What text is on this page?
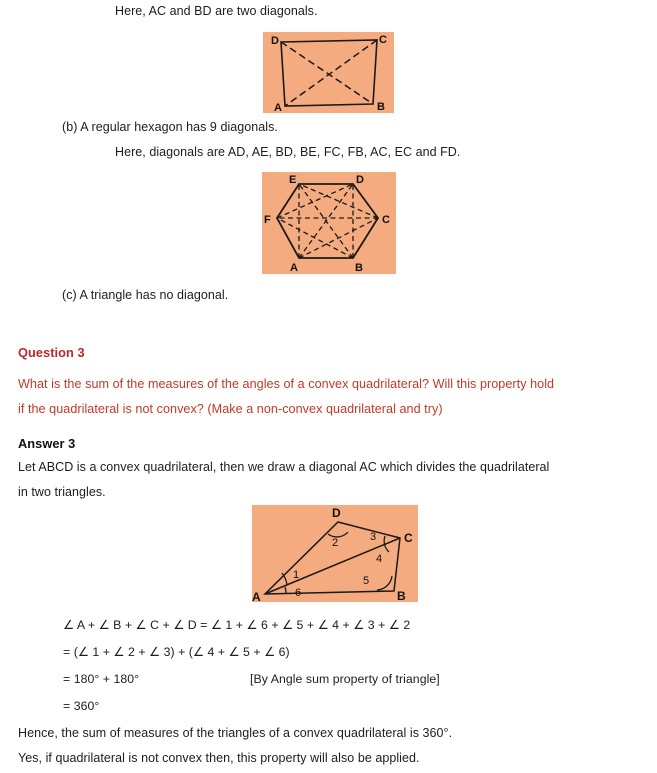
Here, AC and BD are two diagonals.
D	C
A	B
(b) A regular hexagon has 9 diagonals.
Here, diagonals are AD, AE, BD, BE, FC, FB, AC, EC and FD.
A	B
C
D
E
F
(c) A triangle has no diagonal.
Question 3
What is the sum of the measures of the angles of a convex quadrilateral? Will this property hold
if the quadrilateral is not convex? (Make a non-convex quadrilateral and try)
Answer 3
Let ABCD is a convex quadrilateral, then we draw a diagonal AC which divides the quadrilateral
in two triangles.
A	B
C
D
1
2	3
4
5
6
∠ A + ∠ B + ∠ C + ∠ D = ∠ 1 + ∠ 6 + ∠ 5 + ∠ 4 + ∠ 3 + ∠ 2
= (∠ 1 + ∠ 2 + ∠ 3) + (∠ 4 + ∠ 5 + ∠ 6)
= 180° + 180°	[By Angle sum property of triangle]
= 360°
Hence, the sum of measures of the triangles of a convex quadrilateral is 360°.
Yes, if quadrilateral is not convex then, this property will also be applied.
